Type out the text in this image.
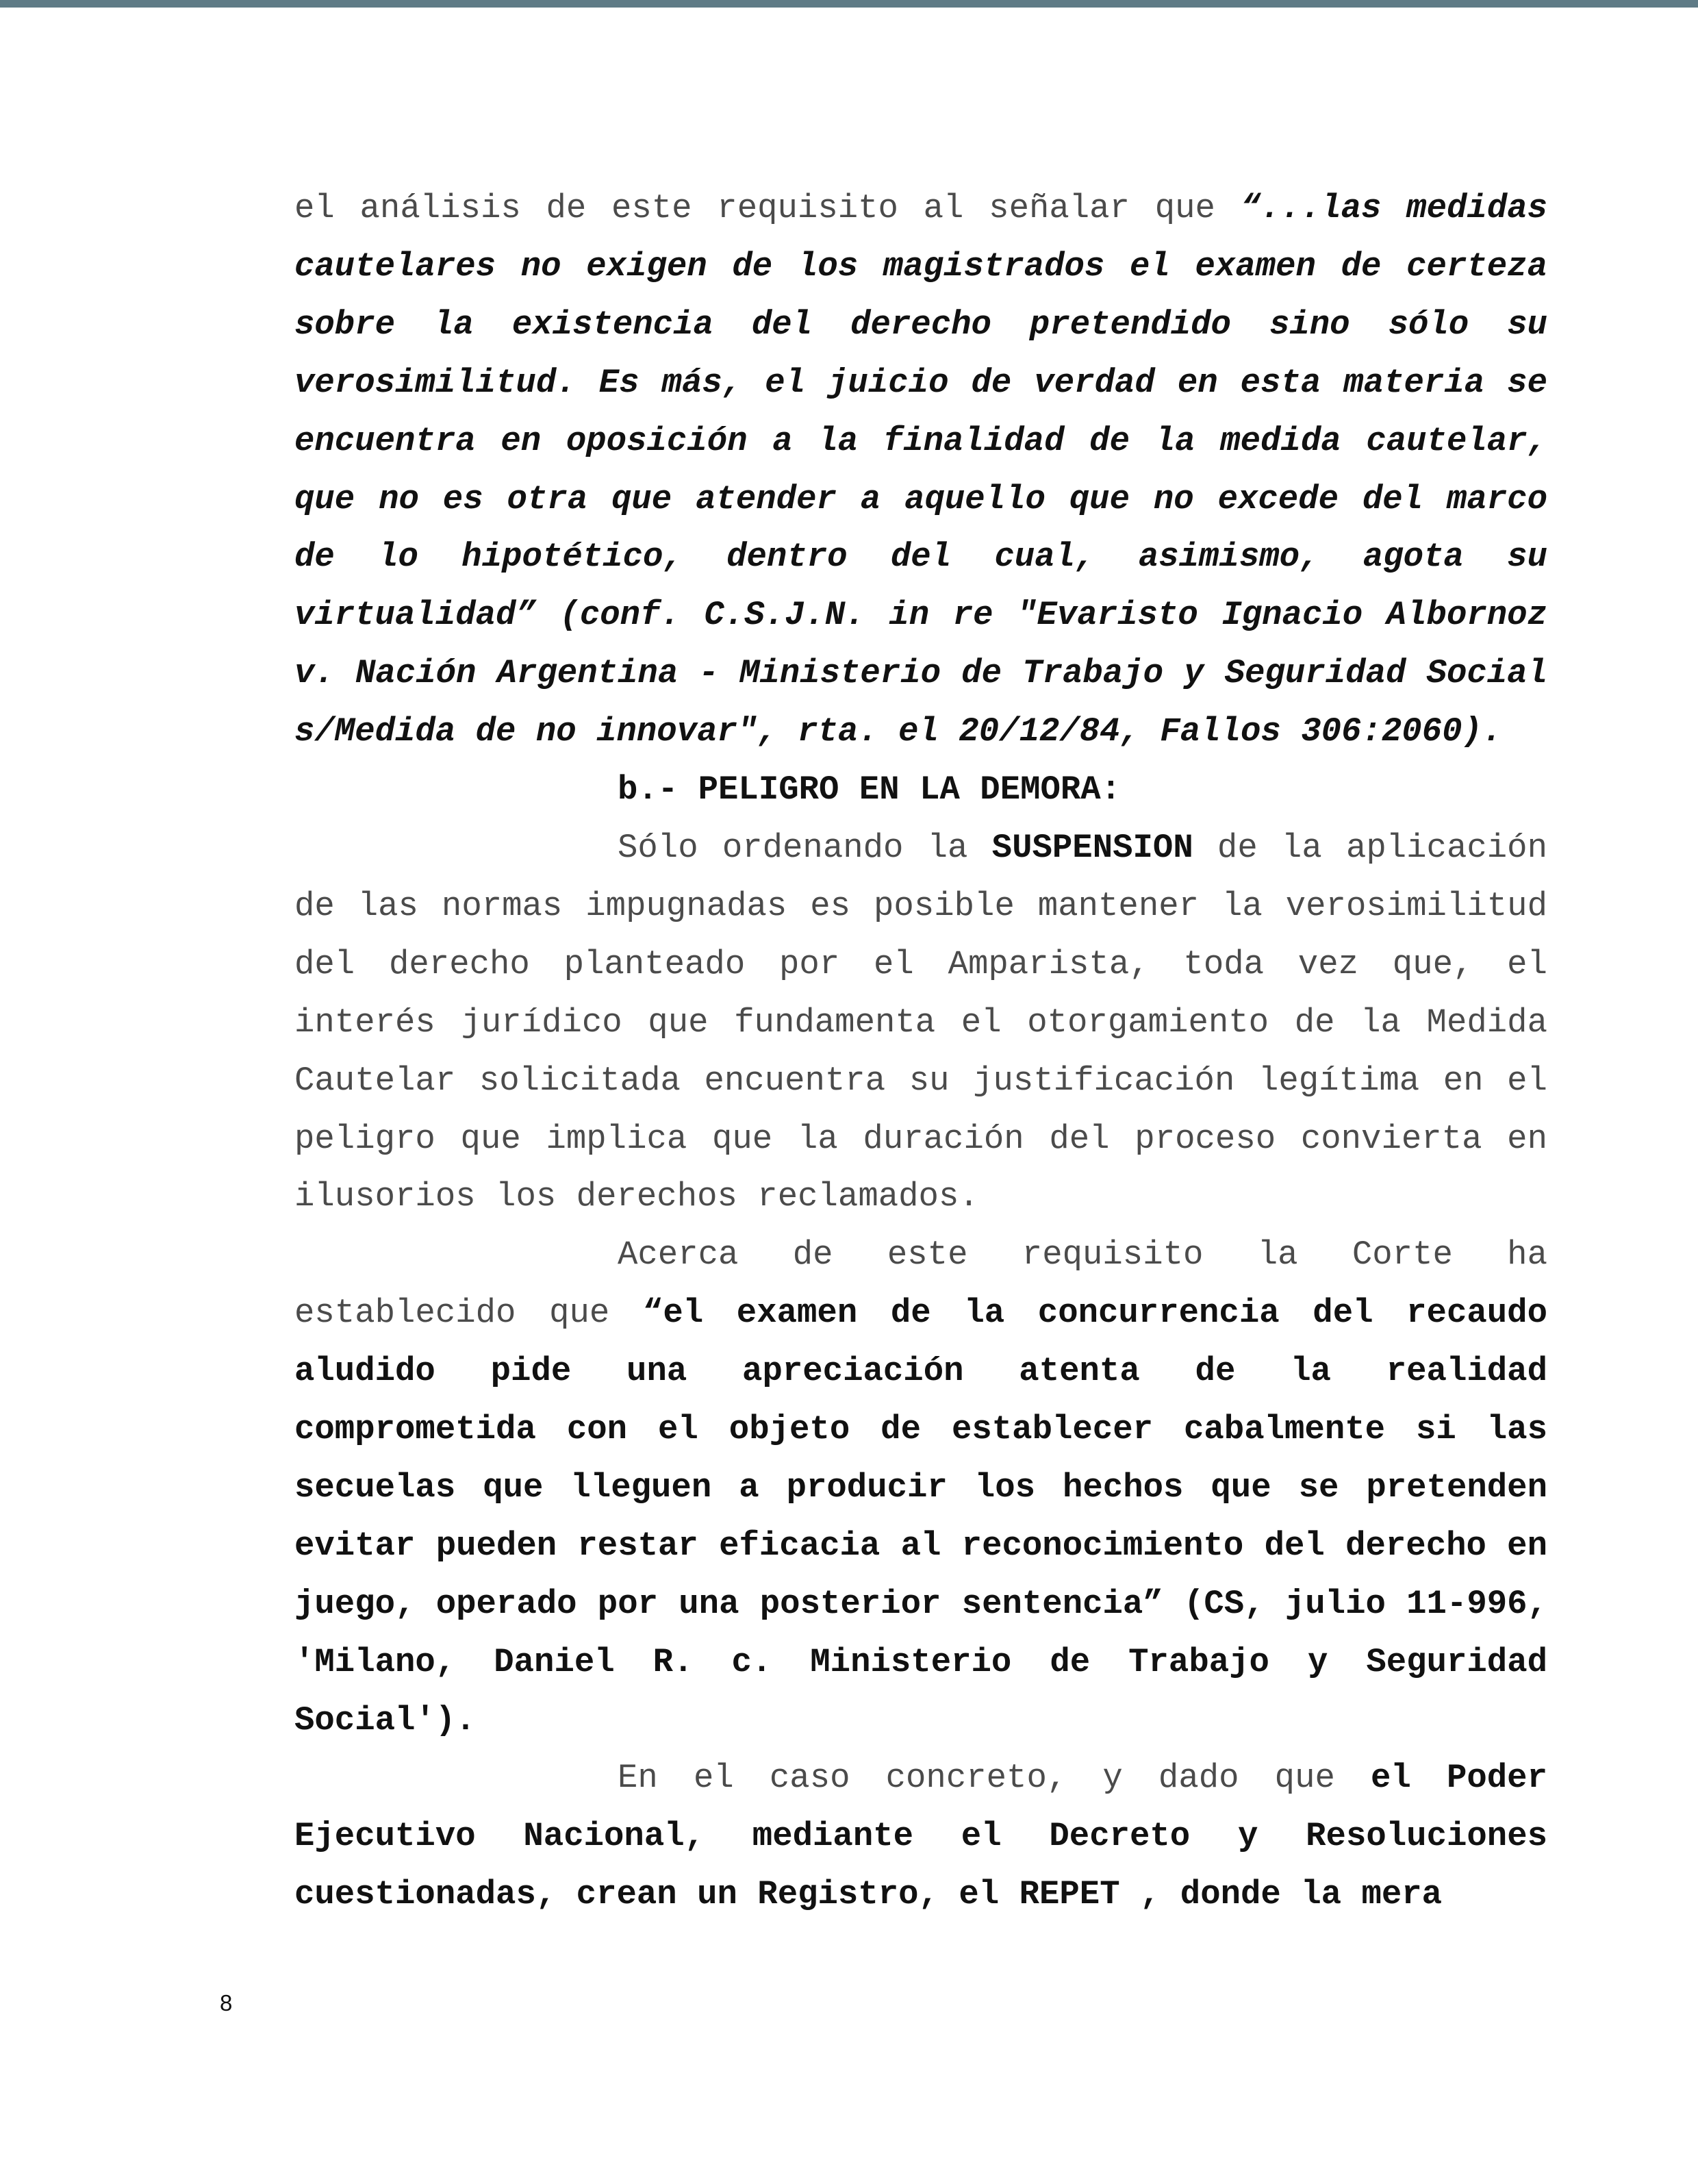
el análisis de este requisito al señalar que “...las medidas cautelares no exigen de los magistrados el examen de certeza sobre la existencia del derecho pretendido sino sólo su verosimilitud. Es más, el juicio de verdad en esta materia se encuentra en oposición a la finalidad de la medida cautelar, que no es otra que atender a aquello que no excede del marco de lo hipotético, dentro del cual, asimismo, agota su virtualidad” (conf. C.S.J.N. in re "Evaristo Ignacio Albornoz v. Nación Argentina - Ministerio de Trabajo y Seguridad Social s/Medida de no innovar", rta. el 20/12/84, Fallos 306:2060).

b.- PELIGRO EN LA DEMORA:

Sólo ordenando la SUSPENSION de la aplicación de las normas impugnadas es posible mantener la verosimilitud del derecho planteado por el Amparista, toda vez que, el interés jurídico que fundamenta el otorgamiento de la Medida Cautelar solicitada encuentra su justificación legítima en el peligro que implica que la duración del proceso convierta en ilusorios los derechos reclamados.

Acerca de este requisito la Corte ha establecido que “el examen de la concurrencia del recaudo aludido pide una apreciación atenta de la realidad comprometida con el objeto de establecer cabalmente si las secuelas que lleguen a producir los hechos que se pretenden evitar pueden restar eficacia al reconocimiento del derecho en juego, operado por una posterior sentencia” (CS, julio 11-996, 'Milano, Daniel R. c. Ministerio de Trabajo y Seguridad Social').

En el caso concreto, y dado que el Poder Ejecutivo Nacional, mediante el Decreto y Resoluciones cuestionadas, crean un Registro, el REPET , donde la mera

8
